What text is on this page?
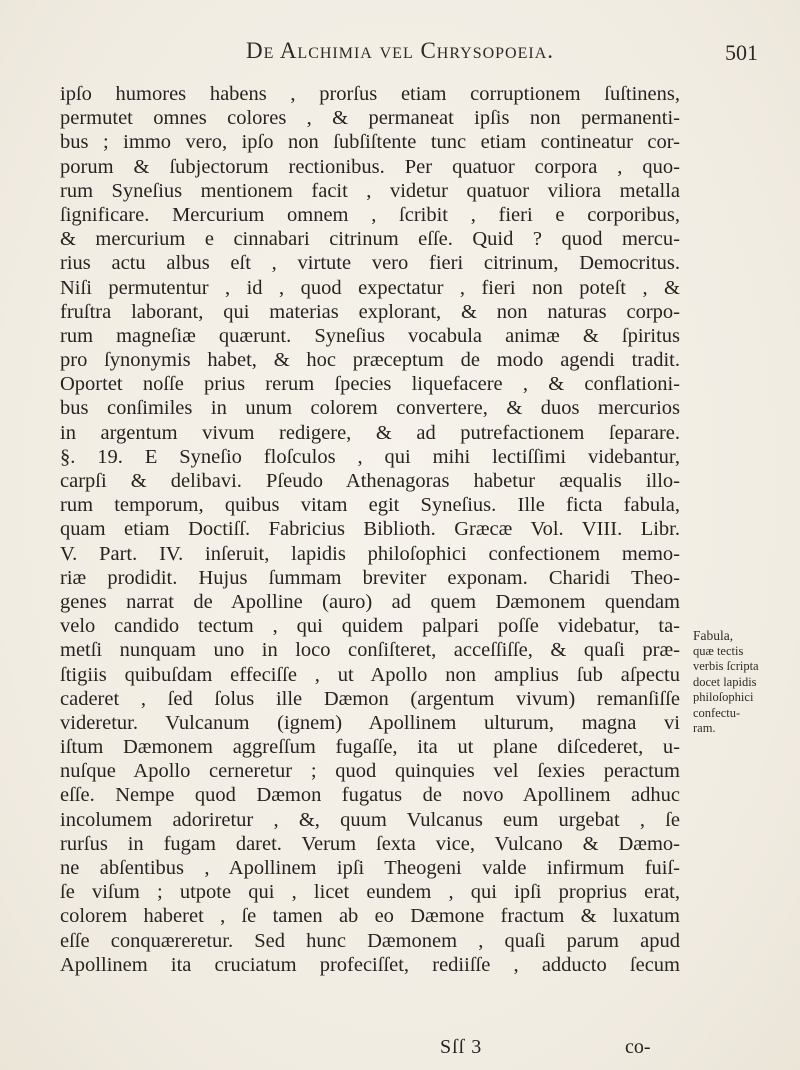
De Alchimia vel Chrysopoeia.	501
ipſo humores habens , prorſus etiam corruptionem ſuſtinens,
permutet omnes colores , & permaneat ipſis non permanenti-
bus ; immo vero, ipſo non ſubſiſtente tunc etiam contineatur cor-
porum & ſubjectorum rectionibus. Per quatuor corpora , quo-
rum Syneſius mentionem facit , videtur quatuor viliora metalla
ſignificare. Mercurium omnem , ſcribit , fieri e corporibus,
& mercurium e cinnabari citrinum eſſe. Quid ? quod mercu-
rius actu albus eſt , virtute vero fieri citrinum, Democritus.
Niſi permutentur , id , quod expectatur , fieri non poteſt , &
fruſtra laborant, qui materias explorant, & non naturas corpo-
rum magneſiæ quærunt. Syneſius vocabula animæ & ſpiritus
pro ſynonymis habet, & hoc præceptum de modo agendi tradit.
Oportet noſſe prius rerum ſpecies liquefacere , & conflationi-
bus conſimiles in unum colorem convertere, & duos mercurios
in argentum vivum redigere, & ad putrefactionem ſeparare.
§. 19. E Syneſio floſculos , qui mihi lectiſſimi videbantur,
carpſi & delibavi. Pſeudo Athenagoras habetur æqualis illo-
rum temporum, quibus vitam egit Syneſius. Ille ficta fabula,
quam etiam Doctiſſ. Fabricius Biblioth. Græcæ Vol. VIII. Libr.
V. Part. IV. inſeruit, lapidis philoſophici confectionem memo-
riæ prodidit. Hujus ſummam breviter exponam. Charidi Theo-
genes narrat de Apolline (auro) ad quem Dæmonem quendam
velo candido tectum , qui quidem palpari poſſe videbatur, ta-
metſi nunquam uno in loco conſiſteret, acceſſiſſe, & quaſi præ-
ſtigiis quibuſdam effeciſſe , ut Apollo non amplius ſub aſpectu
caderet , ſed ſolus ille Dæmon (argentum vivum) remanſiſſe
videretur. Vulcanum (ignem) Apollinem ulturum, magna vi
iſtum Dæmonem aggreſſum fugaſſe, ita ut plane diſcederet, u-
nuſque Apollo cerneretur ; quod quinquies vel ſexies peractum
eſſe. Nempe quod Dæmon fugatus de novo Apollinem adhuc
incolumem adoriretur , &, quum Vulcanus eum urgebat , ſe
rurſus in fugam daret. Verum ſexta vice, Vulcano & Dæmo-
ne abſentibus , Apollinem ipſi Theogeni valde infirmum fuiſ-
ſe viſum ; utpote qui , licet eundem , qui ipſi proprius erat,
colorem haberet , ſe tamen ab eo Dæmone fractum & luxatum
eſſe conquæreretur. Sed hunc Dæmonem , quaſi parum apud
Apollinem ita cruciatum profeciſſet, rediiſſe , adducto ſecum
Fabula,
quæ tectis
verbis ſcripta
docet lapidis
philoſophici
confectu-
ram.
Sſſ 3	co-
